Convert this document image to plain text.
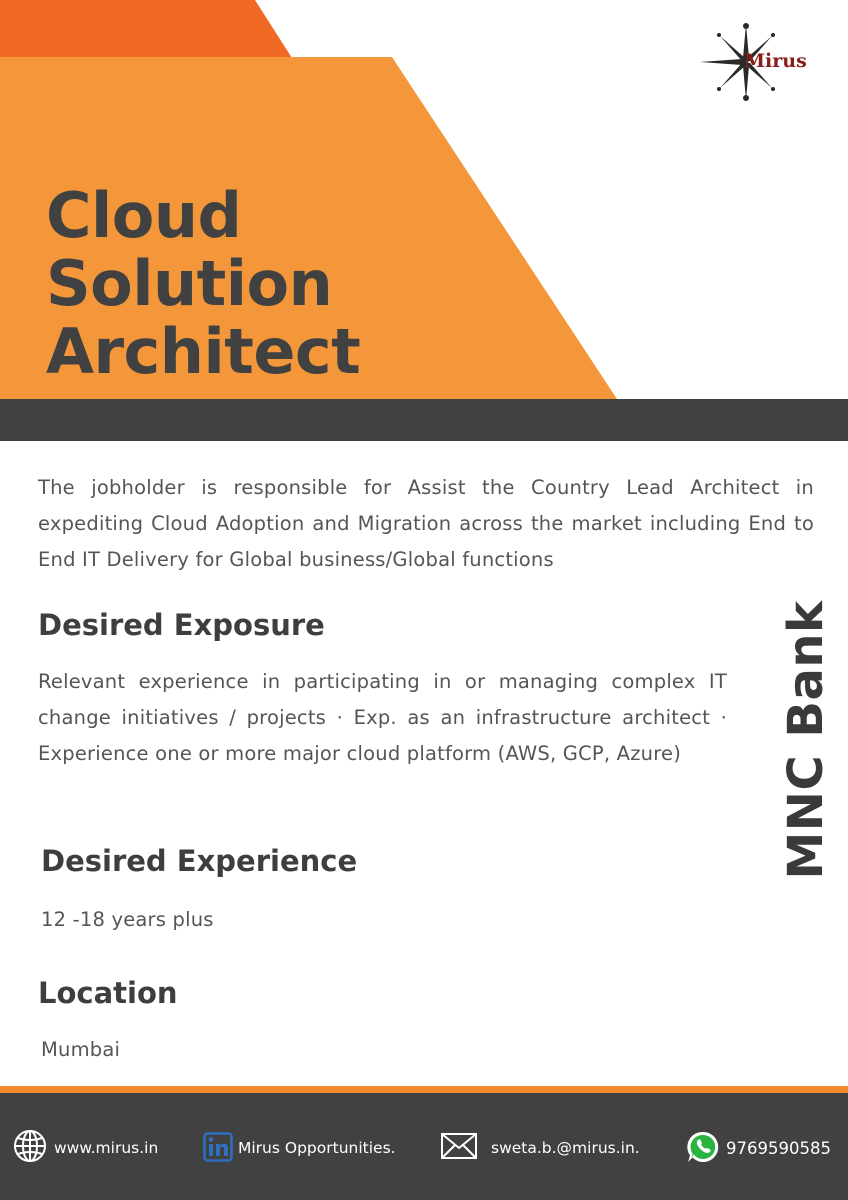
Mirus
Cloud
Solution
Architect
The jobholder is responsible for Assist the Country Lead Architect in expediting Cloud Adoption and Migration across the market including End to End IT Delivery for Global business/Global functions
Desired Exposure
Relevant experience in participating in or managing complex IT change initiatives / projects · Exp. as an infrastructure architect · Experience one or more major cloud platform (AWS, GCP, Azure)	MNC Bank
Desired Experience
12 -18 years plus
Location
Mumbai
www.mirus.in	Mirus Opportunities.	sweta.b.@mirus.in.	9769590585
